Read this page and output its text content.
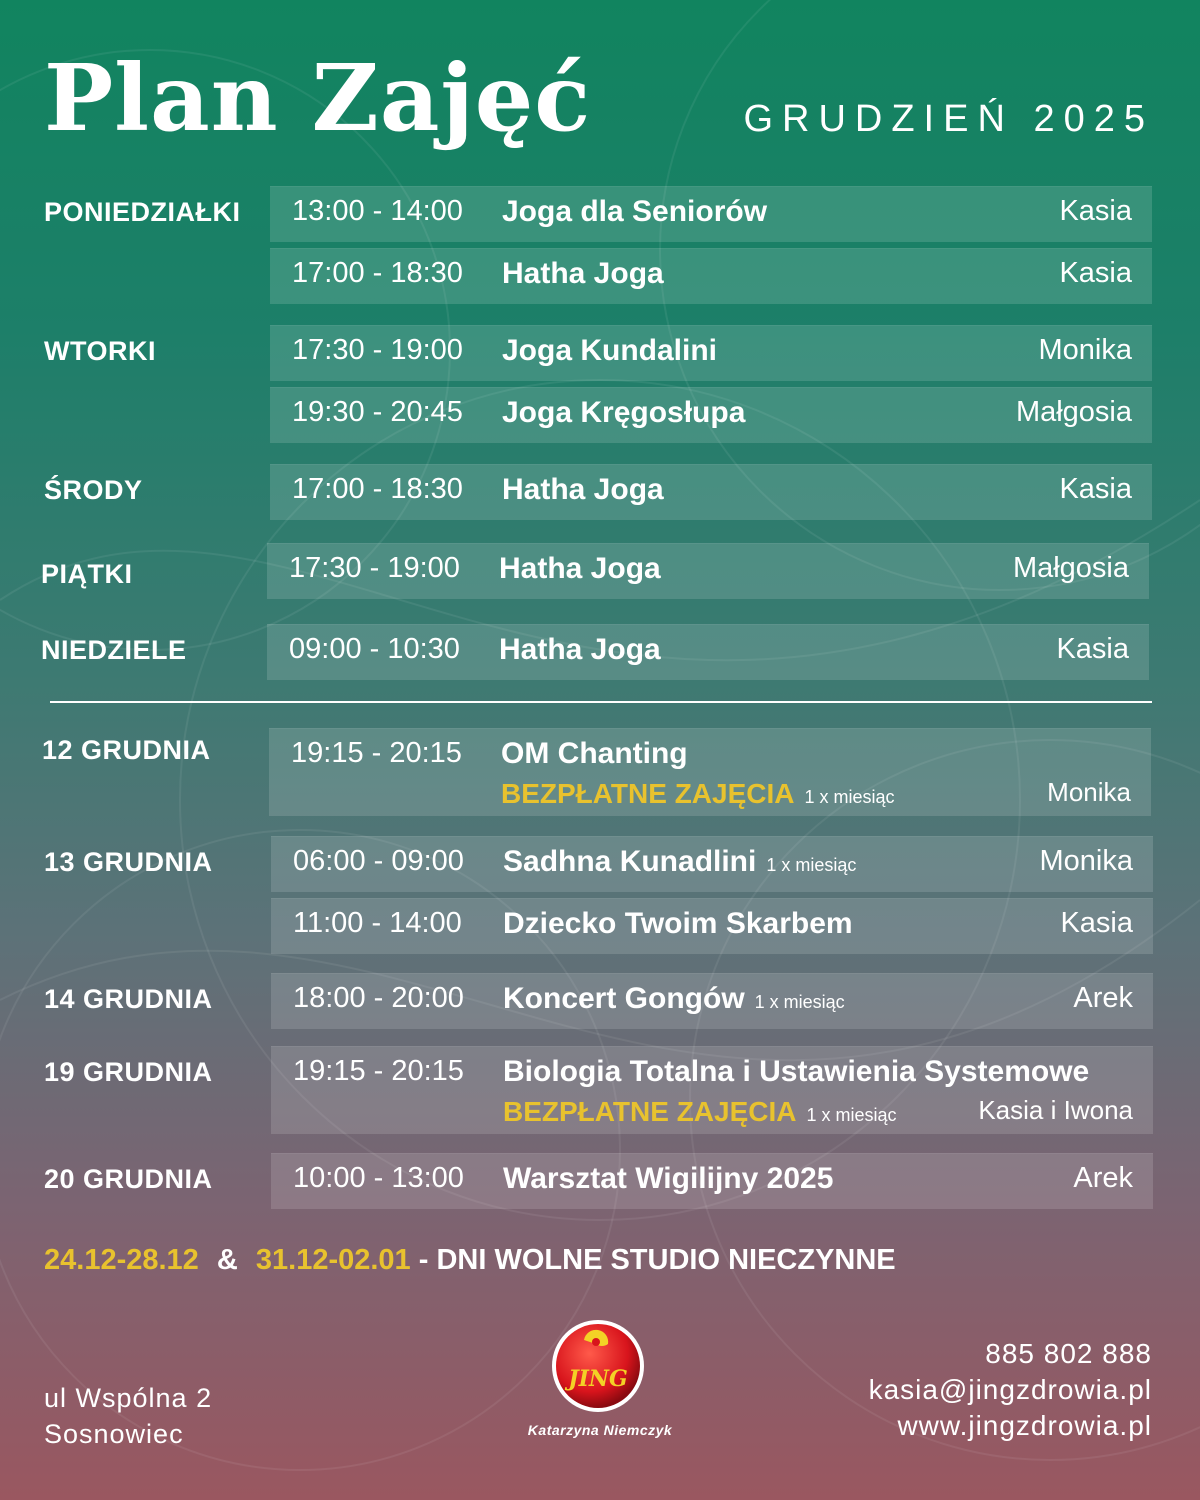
Plan Zajęć	GRUDZIEŃ 2025
PONIEDZIAŁKI 13:00 - 14:00 Joga dla Seniorów	Kasia
17:00 - 18:30 Hatha Joga	Kasia
WTORKI	17:30 - 19:00 Joga Kundalini	Monika
19:30 - 20:45 Joga Kręgosłupa	Małgosia
ŚRODY	17:00 - 18:30 Hatha Joga	Kasia
PIĄTKI	17:30 - 19:00 Hatha Joga	Małgosia
NIEDZIELE	09:00 - 10:30 Hatha Joga	Kasia
12 GRUDNIA	19:15 - 20:15 OM Chanting
BEZPŁATNE ZAJĘCIA 1 x miesiąc	Monika
13 GRUDNIA	06:00 - 09:00 Sadhna Kunadlini 1 x miesiąc	Monika
11:00 - 14:00 Dziecko Twoim Skarbem	Kasia
14 GRUDNIA	18:00 - 20:00 Koncert Gongów 1 x miesiąc	Arek
19 GRUDNIA	19:15 - 20:15 Biologia Totalna i Ustawienia Systemowe
BEZPŁATNE ZAJĘCIA 1 x miesiąc	Kasia i Iwona
20 GRUDNIA	10:00 - 13:00 Warsztat Wigilijny 2025	Arek
24.12-28.12 & 31.12-02.01 - DNI WOLNE STUDIO NIECZYNNE
ul Wspólna 2
Sosnowiec
JING
Katarzyna Niemczyk
885 802 888
kasia@jingzdrowia.pl
www.jingzdrowia.pl
